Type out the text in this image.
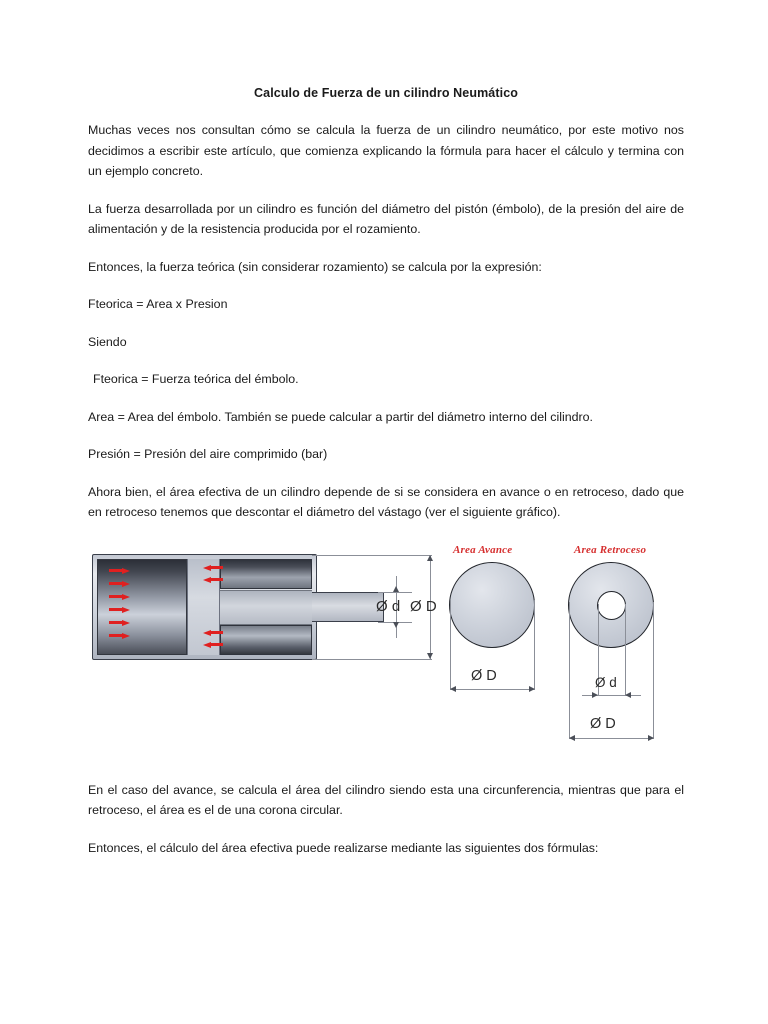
Calculo de Fuerza de un cilindro Neumático

Muchas veces nos consultan cómo se calcula la fuerza de un cilindro neumático, por este motivo nos decidimos a escribir este artículo, que comienza explicando la fórmula para hacer el cálculo y termina con un ejemplo concreto.

La fuerza desarrollada por un cilindro es función del diámetro del pistón (émbolo), de la presión del aire de alimentación y de la resistencia producida por el rozamiento.

Entonces, la fuerza teórica (sin considerar rozamiento) se calcula por la expresión:

Fteorica = Area x Presion

Siendo

Fteorica = Fuerza teórica del émbolo.

Area = Area del émbolo. También se puede calcular a partir del diámetro interno del cilindro.

Presión = Presión del aire comprimido (bar)

Ahora bien, el área efectiva de un cilindro depende de si se considera en avance o en retroceso, dado que en retroceso tenemos que descontar el diámetro del vástago (ver el siguiente gráfico).

Ø d Ø D
Area Avance
Ø D
Area Retroceso
Ø d
Ø D

En el caso del avance, se calcula el área del cilindro siendo esta una circunferencia, mientras que para el retroceso, el área es el de una corona circular.

Entonces, el cálculo del área efectiva puede realizarse mediante las siguientes dos fórmulas:
